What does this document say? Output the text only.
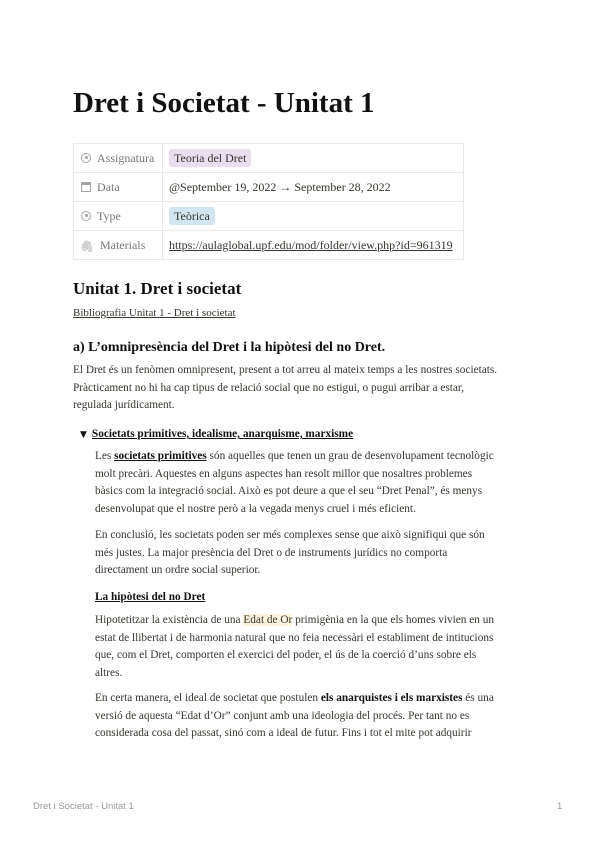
Dret i Societat - Unitat 1
Assignatura	Teoria del Dret
Data	@September 19, 2022 → September 28, 2022
Type	Teòrica
🖇 Materials	https://aulaglobal.upf.edu/mod/folder/view.php?id=961319
Unitat 1. Dret i societat
Bibliografia Unitat 1 - Dret i societat
a) L’omnipresència del Dret i la hipòtesi del no Dret.

El Dret és un fenòmen omnipresent, present a tot arreu al mateix temps a les nostres societats.
Pràcticament no hi ha cap tipus de relació social que no estigui, o pugui arribar a estar,
regulada jurídicament.

▼ Societats primitives, idealisme, anarquisme, marxisme

Les societats primitives són aquelles que tenen un grau de desenvolupament tecnològic
molt precàri. Aquestes en alguns aspectes han resolt millor que nosaltres problemes
bàsics com la integració social. Això es pot deure a que el seu “Dret Penal”, és menys
desenvolupat que el nostre però a la vegada menys cruel i més eficient.

En conclusió, les societats poden ser més complexes sense que això signifiqui que són
més justes. La major presència del Dret o de instruments jurídics no comporta
directament un ordre social superior.

La hipòtesi del no Dret

Hipotetitzar la existència de una Edat de Or primigènia en la que els homes vivien en un
estat de llibertat i de harmonia natural que no feia necessàri el establiment de intitucions
que, com el Dret, comporten el exercici del poder, el ús de la coerció d’uns sobre els
altres.

En certa manera, el ideal de societat que postulen els anarquistes i els marxistes és una
versió de aquesta “Edat d’Or” conjunt amb una ideologia del procés. Per tant no es
considerada cosa del passat, sinó com a ideal de futur. Fins i tot el mite pot adquirir

Dret i Societat - Unitat 1	1
